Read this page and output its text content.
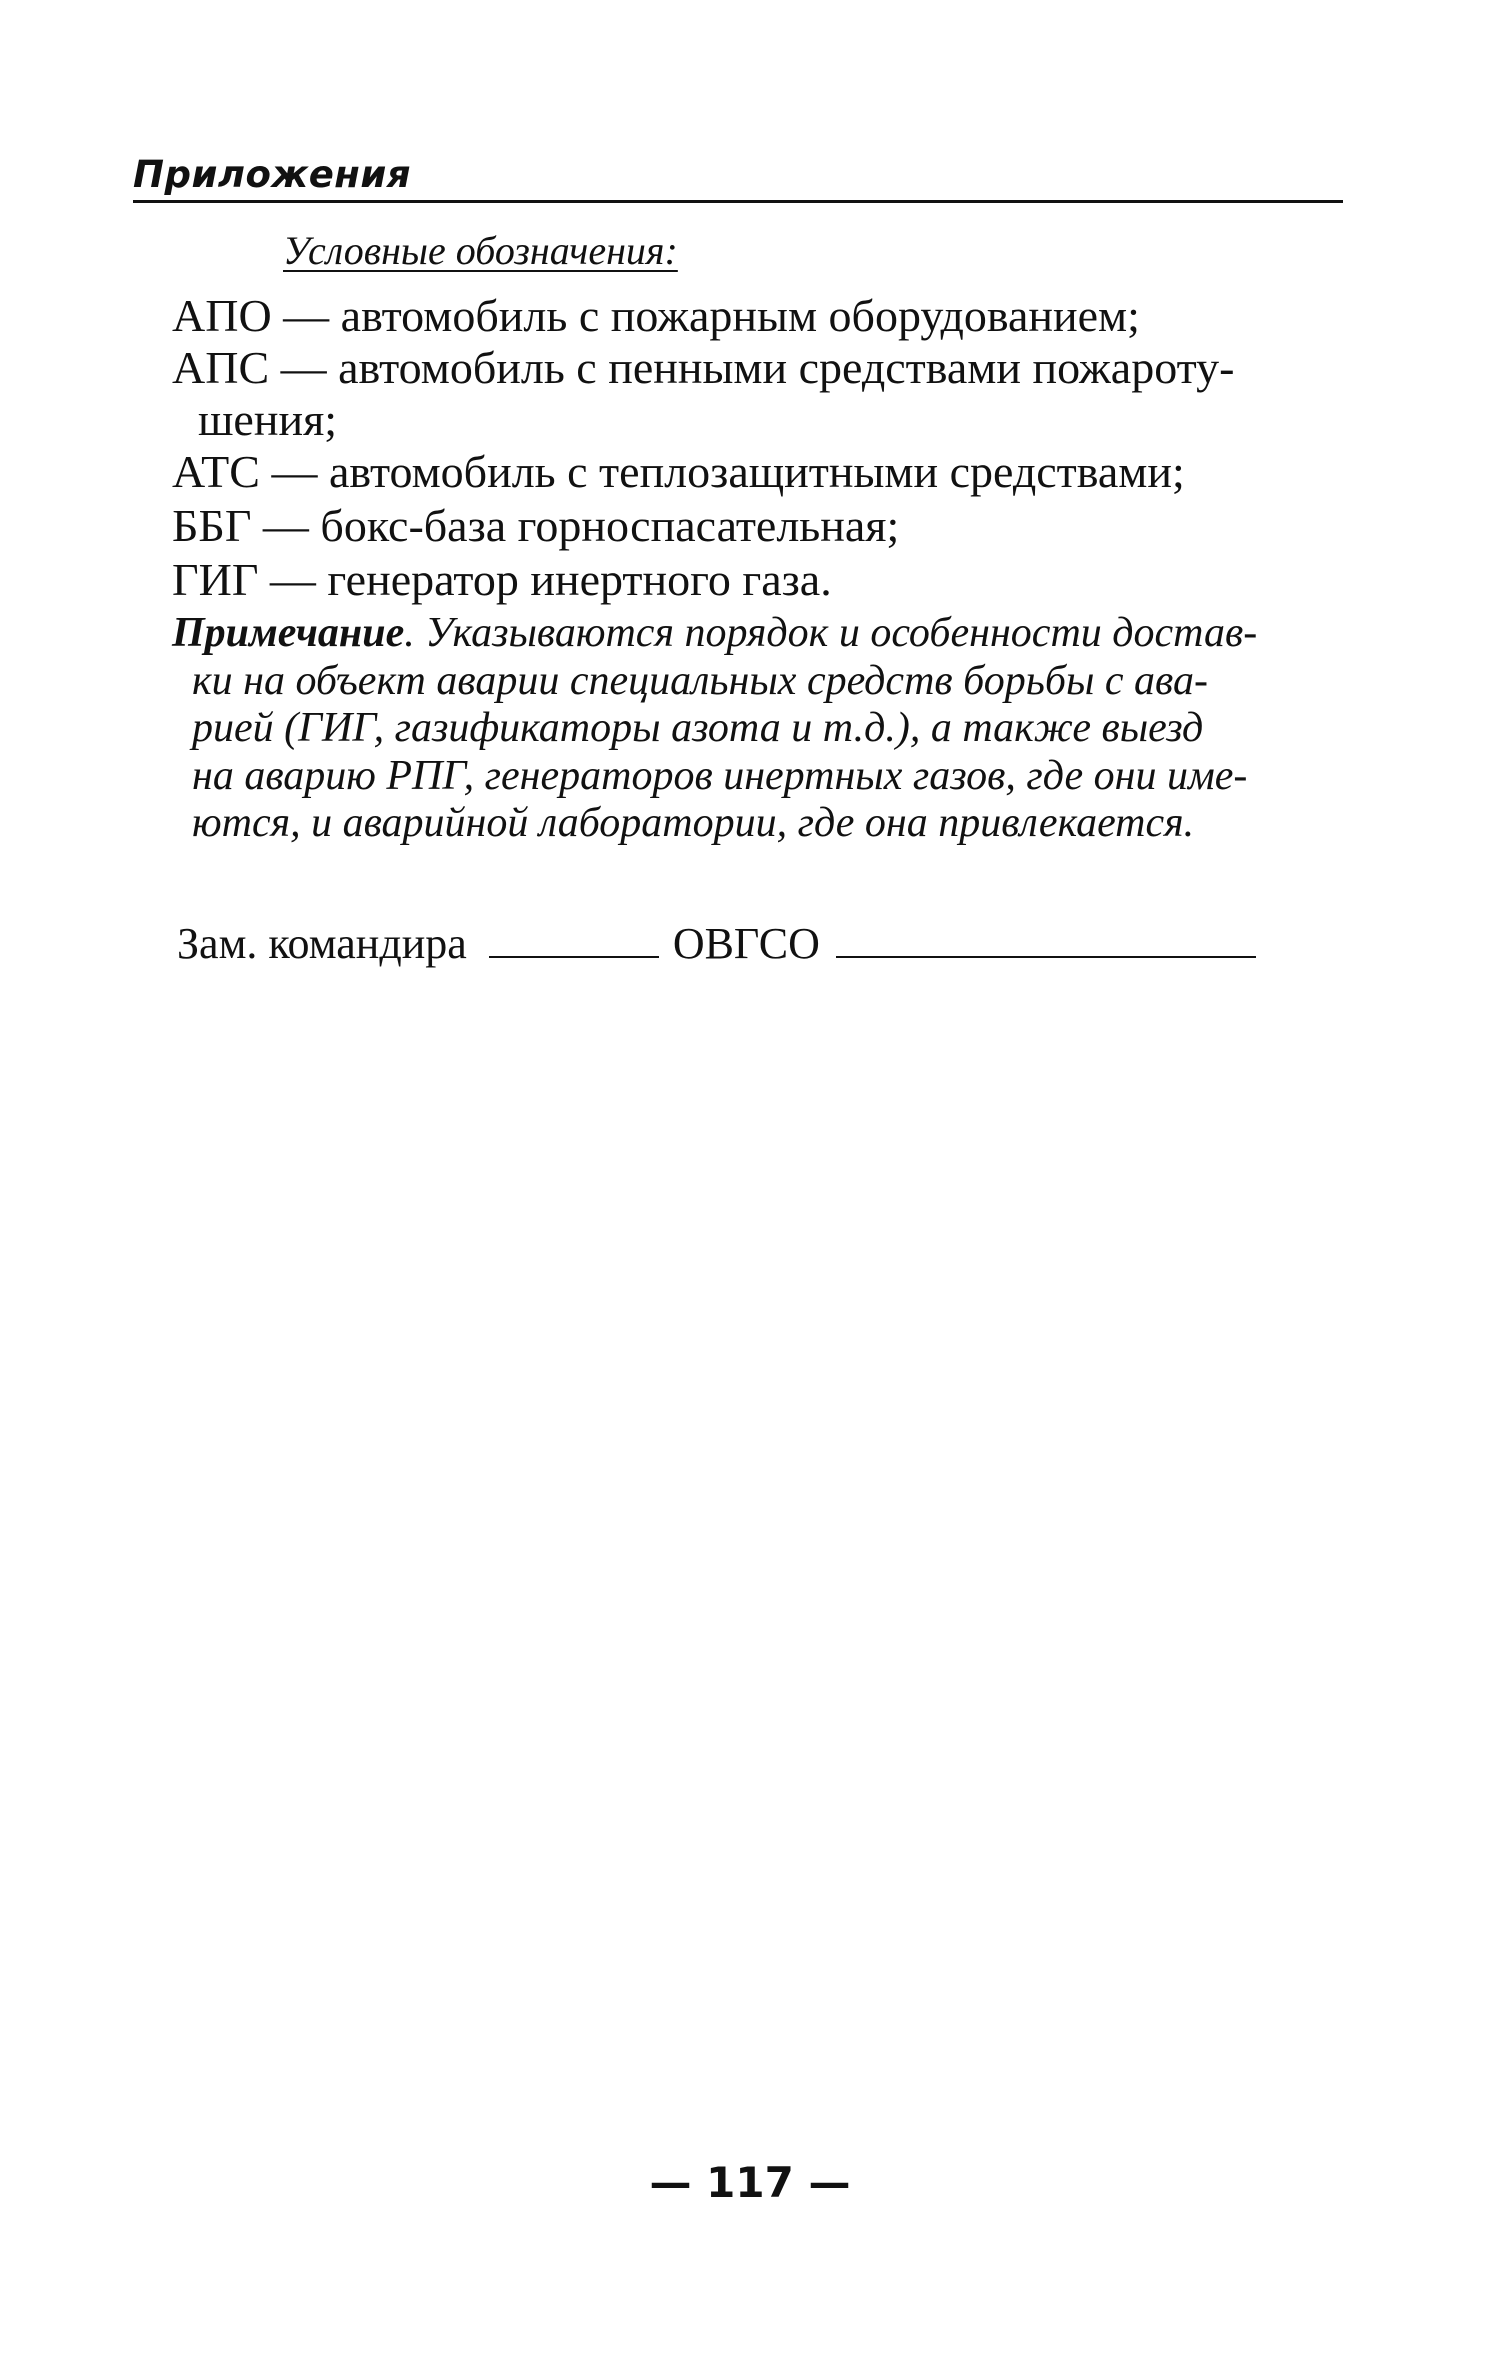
Приложения
Условные обозначения:
АПО — автомобиль с пожарным оборудованием;
АПС — автомобиль с пенными средствами пожароту-
шения;
АТС — автомобиль с теплозащитными средствами;
ББГ — бокс-база горноспасательная;
ГИГ — генератор инертного газа.
Примечание. Указываются порядок и особенности достав-
ки на объект аварии специальных средств борьбы с ава-
рией (ГИГ, газификаторы азота и т.д.), а также выезд
на аварию РПГ, генераторов инертных газов, где они име-
ются, и аварийной лаборатории, где она привлекается.
Зам. командира	ОВГСО
— 117 —
